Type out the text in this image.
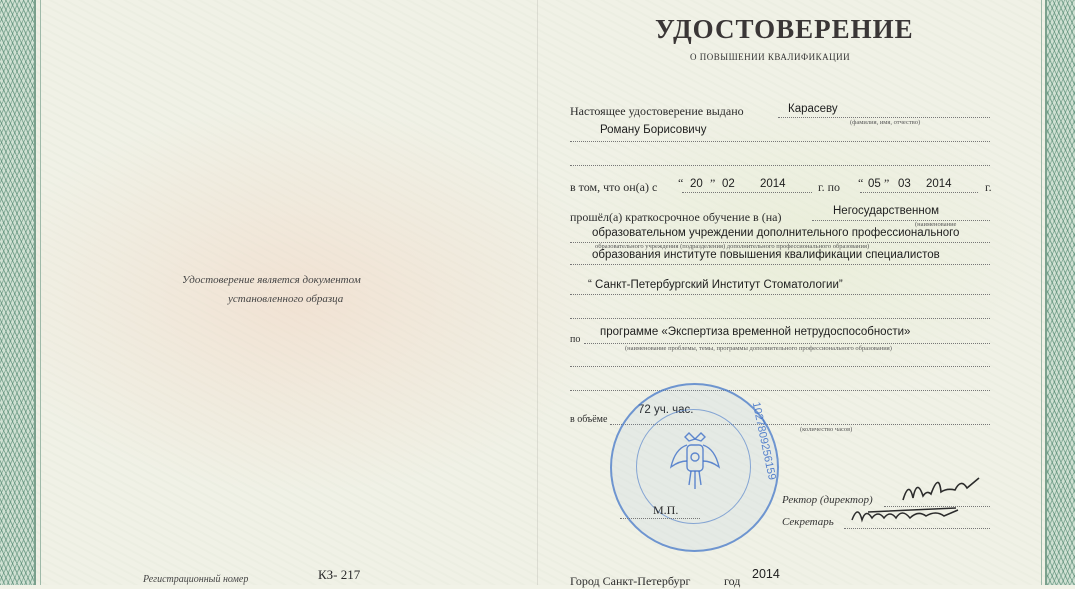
УДОСТОВЕРЕНИЕ
О ПОВЫШЕНИИ КВАЛИФИКАЦИИ
Удостоверение является документом
установленного образца
КЗ- 217
Регистрационный номер
Настоящее удостоверение выдано	Карасеву
(фамилия, имя, отчество)
Роману Борисовичу
в том, что он(а) с “ 20 ” 02 2014	г. по “ 05 ” 03 2014	г.
прошёл(а) краткосрочное обучение в (на)	Негосударственном
(наименование
образовательном учреждении дополнительного профессионального
образовательного учреждения (подразделения) дополнительного профессионального образования)
образования институте повышения квалификации специалистов
“ Санкт-Петербургский Институт Стоматологии”
программе «Экспертиза временной нетрудоспособности»
по
(наименование проблемы, темы, программы дополнительного профессионального образования)
в объёме
72 уч. час.
(количество часов)
1027809256159
М.П.
Ректор (директор)
Секретарь
Город Санкт-Петербург	год 2014
